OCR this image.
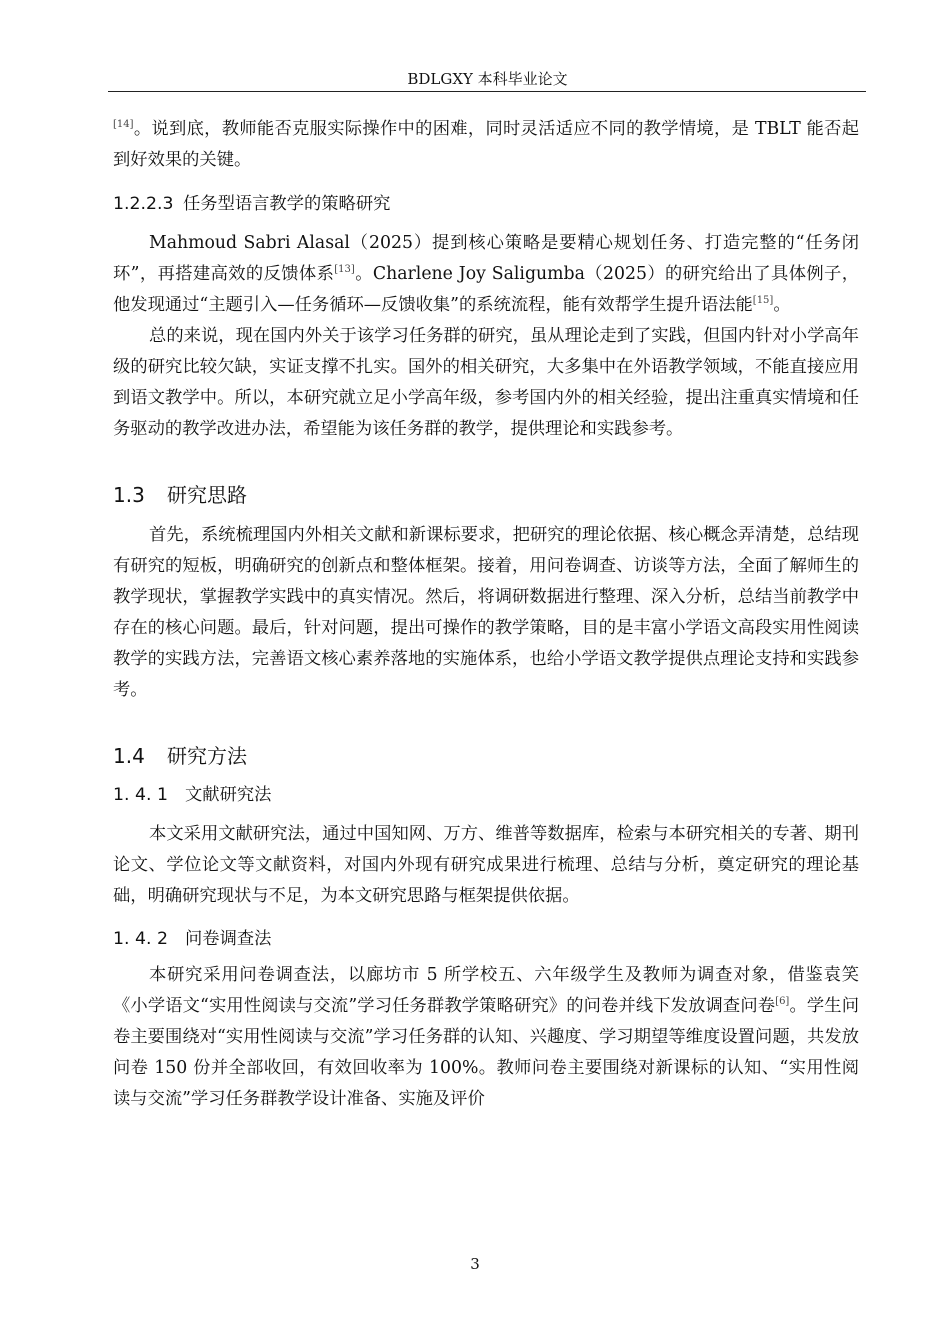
BDLGXY 本科毕业论文

[14]。说到底，教师能否克服实际操作中的困难，同时灵活适应不同的教学情境，是 TBLT 能否起到好效果的关键。

1.2.2.3 任务型语言教学的策略研究

Mahmoud Sabri Alasal（2025）提到核心策略是要精心规划任务、打造完整的“任务闭环”，再搭建高效的反馈体系[13]。Charlene Joy Saligumba（2025）的研究给出了具体例子，他发现通过“主题引入—任务循环—反馈收集”的系统流程，能有效帮学生提升语法能[15]。

总的来说，现在国内外关于该学习任务群的研究，虽从理论走到了实践，但国内针对小学高年级的研究比较欠缺，实证支撑不扎实。国外的相关研究，大多集中在外语教学领域，不能直接应用到语文教学中。所以，本研究就立足小学高年级，参考国内外的相关经验，提出注重真实情境和任务驱动的教学改进办法，希望能为该任务群的教学，提供理论和实践参考。

1.3 研究思路

首先，系统梳理国内外相关文献和新课标要求，把研究的理论依据、核心概念弄清楚，总结现有研究的短板，明确研究的创新点和整体框架。接着，用问卷调查、访谈等方法，全面了解师生的教学现状，掌握教学实践中的真实情况。然后，将调研数据进行整理、深入分析，总结当前教学中存在的核心问题。最后，针对问题，提出可操作的教学策略，目的是丰富小学语文高段实用性阅读教学的实践方法，完善语文核心素养落地的实施体系，也给小学语文教学提供点理论支持和实践参考。

1.4 研究方法
1. 4. 1 文献研究法

本文采用文献研究法，通过中国知网、万方、维普等数据库，检索与本研究相关的专著、期刊论文、学位论文等文献资料，对国内外现有研究成果进行梳理、总结与分析，奠定研究的理论基础，明确研究现状与不足，为本文研究思路与框架提供依据。

1. 4. 2 问卷调查法

本研究采用问卷调查法，以廊坊市 5 所学校五、六年级学生及教师为调查对象，借鉴袁笑《小学语文“实用性阅读与交流”学习任务群教学策略研究》的问卷并线下发放调查问卷[6]。学生问卷主要围绕对“实用性阅读与交流”学习任务群的认知、兴趣度、学习期望等维度设置问题，共发放问卷 150 份并全部收回，有效回收率为 100%。教师问卷主要围绕对新课标的认知、“实用性阅读与交流”学习任务群教学设计准备、实施及评价

3
